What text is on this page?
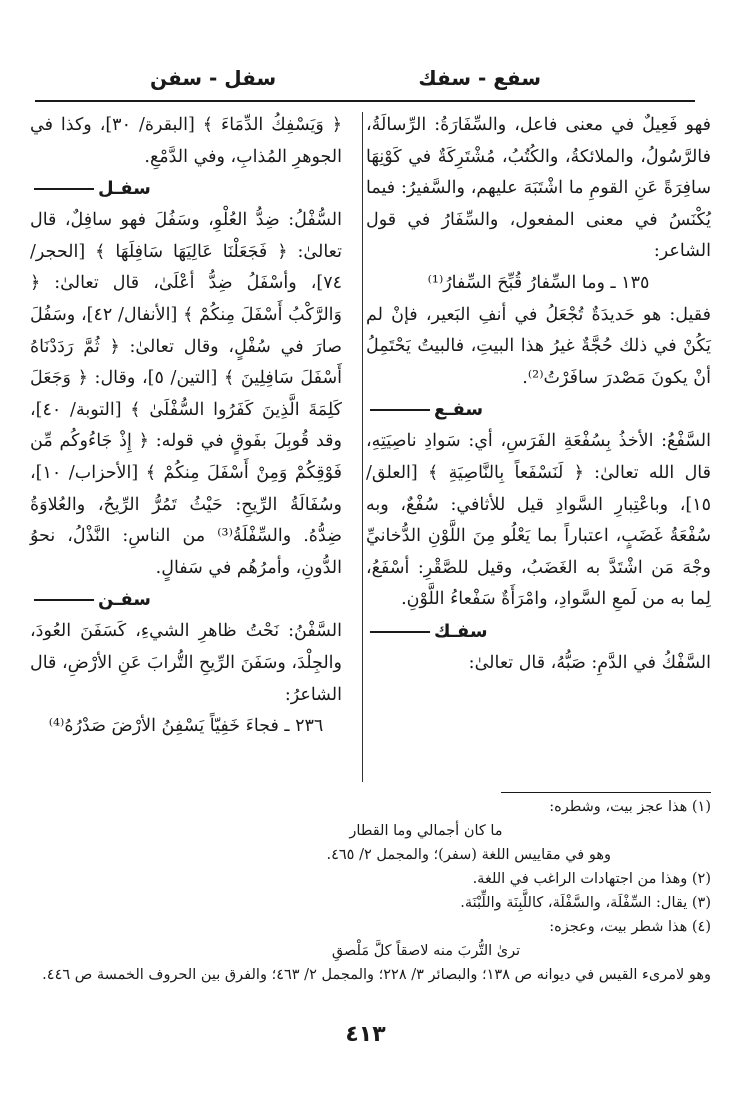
سفع - سفك
سفل - سفن

فهو فَعِيلٌ في معنى فاعل، والسِّفَارَةُ: الرِّسالَةُ، فالرَّسُولُ، والملائكةُ، والكُتُبُ، مُشْتَرِكَةٌ في كَوْنِهَا سافِرَةً عَنِ القومِ ما اشْتَبَهَ عليهم، والسَّفيرُ: فيما يُكْنَسُ في معنى المفعول، والسِّفَارُ في قول الشاعر:

١٣٥ ـ وما السِّفارُ قُبِّحَ السِّفارُ⁽¹⁾

فقيل: هو حَديدَةٌ تُجْعَلُ في أنفِ البَعير، فإنْ لم يَكُنْ في ذلك حُجَّةٌ غيرُ هذا البيتِ، فالبيتُ يَحْتَمِلُ أنْ يكونَ مَصْدرَ سافَرْتُ⁽²⁾.

سفـع

السَّفْعُ: الأخذُ بِسُفْعَةِ الفَرَسِ، أي: سَوادِ ناصِيَتِهِ، قال الله تعالىٰ: ﴿ لَنَسْفَعاً بِالنَّاصِيَةِ ﴾ [العلق/ ١٥]، وباعْتِبارِ السَّوادِ قيل للأثافي: سُفْعٌ، وبه سُفْعَةُ غَضَبٍ، اعتباراً بما يَعْلُو مِنَ اللَّوْنِ الدُّخانيِّ وجْهَ مَن اشْتَدَّ به الغَضَبُ، وقيل للصَّقْرِ: أسْفَعُ، لِما به من لَمعِ السَّوادِ، وامْرَأَةٌ سَفْعاءُ اللَّوْنِ.

سفـك

السَّفْكُ في الدَّمِ: صَبُّهُ، قال تعالىٰ:

﴿ وَيَسْفِكُ الدِّمَاءَ ﴾ [البقرة/ ٣٠]، وكذا في الجوهرِ المُذابِ، وفي الدَّمْعِ.

سفـل

السُّفْلُ: ضِدُّ العُلْوِ، وسَفُلَ فهو سافِلٌ، قال تعالىٰ: ﴿ فَجَعَلْنَا عَالِيَهَا سَافِلَهَا ﴾ [الحجر/ ٧٤]، وأسْفَلُ ضِدُّ أعْلَىٰ، قال تعالىٰ: ﴿ وَالرَّكْبُ أَسْفَلَ مِنكُمْ ﴾ [الأنفال/ ٤٢]، وسَفُلَ صارَ في سُفْلٍ، وقال تعالىٰ: ﴿ ثُمَّ رَدَدْنَاهُ أَسْفَلَ سَافِلِينَ ﴾ [التين/ ٥]، وقال: ﴿ وَجَعَلَ كَلِمَةَ الَّذِينَ كَفَرُوا السُّفْلَىٰ ﴾ [التوبة/ ٤٠]، وقد قُوبِلَ بفَوقٍ في قوله: ﴿ إِذْ جَاءُوكُم مِّن فَوْقِكُمْ وَمِنْ أَسْفَلَ مِنكُمْ ﴾ [الأحزاب/ ١٠]، وسُفَالَةُ الرِّيحِ: حَيْثُ تَمُرُّ الرِّيحُ، والعُلاوَةُ ضِدُّهُ. والسِّفْلَةُ⁽³⁾ من الناسِ: النَّذْلُ، نحوُ الدُّونِ، وأمرُهُم في سَفالٍ.

سفـن

السَّفْنُ: نَحْتُ ظاهرِ الشيءِ، كَسَفَنَ العُودَ، والجِلْدَ، وسَفَنَ الرِّيحِ التُّرابَ عَنِ الأرْضِ، قال الشاعرُ:

٢٣٦ ـ فجاءَ خَفِيّاً يَسْفِنُ الأرْضَ صَدْرُهُ⁽⁴⁾

(١) هذا عجز بيت، وشطره:

ما كان أجمالي وما القطار

وهو في مقاييس اللغة (سفر)؛ والمجمل ٢/ ٤٦٥.

(٢) وهذا من اجتهادات الراغب في اللغة.

(٣) يقال: السِّفْلَة، والسَّفْلَة، كاللَّبِنَة واللِّبْنَة.

(٤) هذا شطر بيت، وعجزه:

ترىٰ التُّربَ منه لاصقاً كلَّ مَلْصقِ

وهو لامرىء القيس في ديوانه ص ١٣٨؛ والبصائر ٣/ ٢٢٨؛ والمجمل ٢/ ٤٦٣؛ والفرق بين الحروف الخمسة ص ٤٤٦.

٤١٣
